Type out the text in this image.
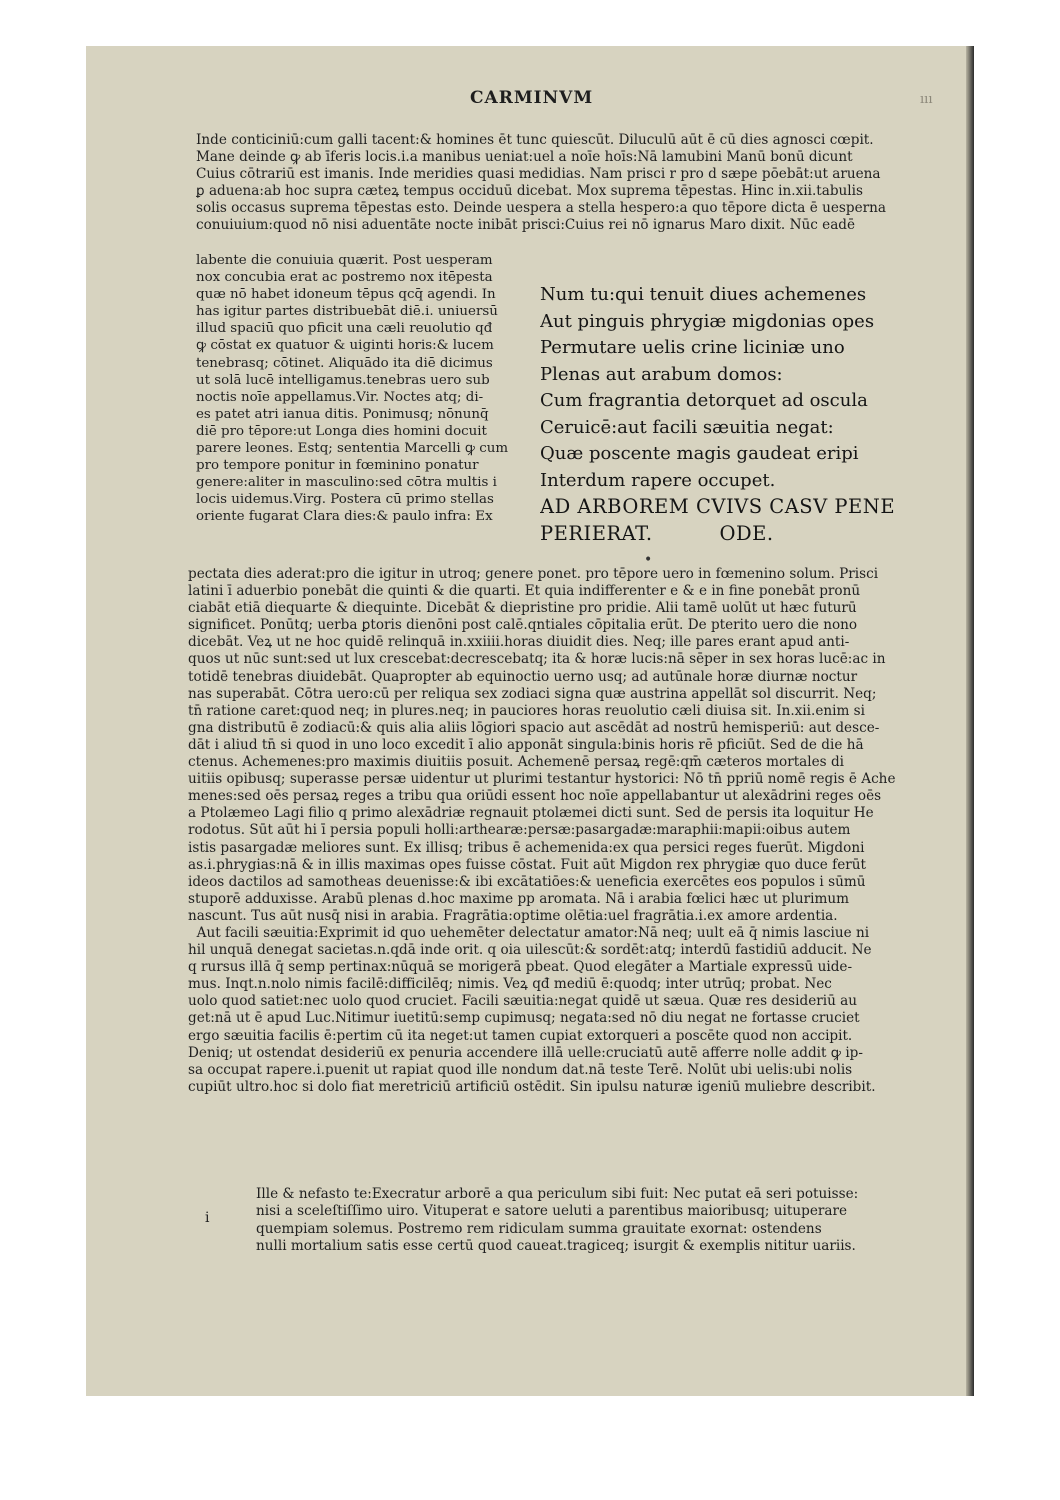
ııı
CARMINVM
Inde conticiniū:cum galli tacent:& homines ēt tunc quiescūt. Diluculū aūt ē cū dies agnosci cœpit.
Mane deinde ꝙ ab īferis locis.i.a manibus ueniat:uel a noīe hoīs:Nā lamubini Manū bonū dicunt
Cuius cōtrariū est imanis. Inde meridies quasi medidias. Nam prisci r pro d sæpe pōebāt:ut aruena
ꝑ aduena:ab hoc supra cæteꝝ tempus occiduū dicebat. Mox suprema tēpestas. Hinc in.xii.tabulis
solis occasus suprema tēpestas esto. Deinde uespera a stella hespero:a quo tēpore dicta ē uesperna
conuiuium:quod nō nisi aduentāte nocte inibāt prisci:Cuius rei nō ignarus Maro dixit. Nūc eadē
labente die conuiuia quærit. Post uesperam
nox concubia erat ac postremo nox itēpesta
quæ nō habet idoneum tēpus qcq̄ agendi. In
has igitur partes distribuebāt diē.i. uniuersū
illud spaciū quo pficit una cæli reuolutio qđ
ꝙ cōstat ex quatuor & uiginti horis:& lucem
tenebrasq; cōtinet. Aliquādo ita diē dicimus
ut solā lucē intelligamus.tenebras uero sub
noctis noīe appellamus.Vir. Noctes atq; di-
es patet atri ianua ditis. Ponimusq; nōnunq̄
diē pro tēpore:ut Longa dies homini docuit
parere leones. Estq; sententia Marcelli ꝙ cum
pro tempore ponitur in fœminino ponatur
genere:aliter in masculino:sed cōtra multis i
locis uidemus.Virg. Postera cū primo stellas
oriente fugarat Clara dies:& paulo infra: Ex
Num tu:qui tenuit diues achemenes
Aut pinguis phrygiæ migdonias opes
Permutare uelis crine liciniæ uno
Plenas aut arabum domos:
Cum fragrantia detorquet ad oscula
Ceruicē:aut facili sæuitia negat:
Quæ poscente magis gaudeat eripi
Interdum rapere occupet.
AD ARBOREM CVIVS CASV PENE
PERIERAT.          ODE.
•
pectata dies aderat:pro die igitur in utroq; genere ponet. pro tēpore uero in fœmenino solum. Prisci
latini ī aduerbio ponebāt die quinti & die quarti. Et quia indifferenter e & e in fine ponebāt pronū
ciabāt etiā diequarte & diequinte. Dicebāt & diepristine pro pridie. Alii tamē uolūt ut hæc futurū
significet. Ponūtq; uerba ꝑtoris dienōni post calē.qntiales cōpitalia erūt. De pterito uero die nono
dicebāt. Veꝝ ut ne hoc quidē relinquā in.xxiiii.horas diuidit dies. Neq; ille pares erant apud anti-
quos ut nūc sunt:sed ut lux crescebat:decrescebatq; ita & horæ lucis:nā sēper in sex horas lucē:ac in
totidē tenebras diuidebāt. Quapropter ab equinoctio uerno usq; ad autūnale horæ diurnæ noctur
nas superabāt. Cōtra uero:cū per reliqua sex zodiaci signa quæ austrina appellāt sol discurrit. Neq;
tn̄ ratione caret:quod neq; in plures.neq; in pauciores horas reuolutio cæli diuisa sit. In.xii.enim si
gna distributū ē zodiacū:& quis alia aliis lōgiori spacio aut ascēdāt ad nostrū hemisperiū: aut desce-
dāt i aliud tn̄ si quod in uno loco excedit ī alio apponāt singula:binis horis rē pficiūt. Sed de die hā
ctenus. Achemenes:pro maximis diuitiis posuit. Achemenē persaꝝ regē:qm̄ cæteros mortales di
uitiis opibusq; superasse persæ uidentur ut plurimi testantur hystorici: Nō tn̄ ppriū nomē regis ē Ache
menes:sed oēs persaꝝ reges a tribu qua oriūdi essent hoc noīe appellabantur ut alexādrini reges oēs
a Ptolæmeo Lagi filio q primo alexādriæ regnauit ptolæmei dicti sunt. Sed de persis ita loquitur He
rodotus. Sūt aūt hi ī persia populi holli:arthearæ:persæ:pasargadæ:maraphii:mapii:oibus autem
istis pasargadæ meliores sunt. Ex illisq; tribus ē achemenida:ex qua persici reges fuerūt. Migdoni
as.i.phrygias:nā & in illis maximas opes fuisse cōstat. Fuit aūt Migdon rex phrygiæ quo duce ferūt
ideos dactilos ad samotheas deuenisse:& ibi excātatiōes:& ueneficia exercētes eos populos i sūmū
stuporē adduxisse. Arabū plenas d.hoc maxime pp aromata. Nā i arabia fœlici hæc ut plurimum
nascunt. Tus aūt nusq̄ nisi in arabia. Fragrātia:optime olētia:uel fragrātia.i.ex amore ardentia.
Aut facili sæuitia:Exprimit id quo uehemēter delectatur amator:Nā neq; uult eā q̄ nimis lasciue ni
hil unquā denegat sacietas.n.qdā inde orit. q oia uilescūt:& sordēt:atq; interdū fastidiū adducit. Ne
q rursus illā q̄ semp pertinax:nūquā se morigerā pbeat. Quod elegāter a Martiale expressū uide-
mus. Inqt.n.nolo nimis facilē:difficilēq; nimis. Veꝝ qđ mediū ē:quodq; inter utrūq; probat. Nec
uolo quod satiet:nec uolo quod cruciet. Facili sæuitia:negat quidē ut sæua. Quæ res desideriū au
get:nā ut ē apud Luc.Nitimur iuetitū:semp cupimusq; negata:sed nō diu negat ne fortasse cruciet
ergo sæuitia facilis ē:pertim cū ita neget:ut tamen cupiat extorqueri a poscēte quod non accipit.
Deniq; ut ostendat desideriū ex penuria accendere illā uelle:cruciatū autē afferre nolle addit ꝙ ip-
sa occupat rapere.i.puenit ut rapiat quod ille nondum dat.nā teste Terē. Nolūt ubi uelis:ubi nolis
cupiūt ultro.hoc si dolo fiat meretriciū artificiū ostēdit. Sin ipulsu naturæ igeniū muliebre describit.
i
Ille & nefasto te:Execratur arborē a qua periculum sibi fuit: Nec putat eā seri potuisse:
nisi a sceleſtiſſimo uiro. Vituperat e satore ueluti a parentibus maioribusq; uituperare
quempiam solemus. Postremo rem ridiculam summa grauitate exornat: ostendens
nulli mortalium satis esse certū quod caueat.tragiceq; isurgit & exemplis nititur uariis.
